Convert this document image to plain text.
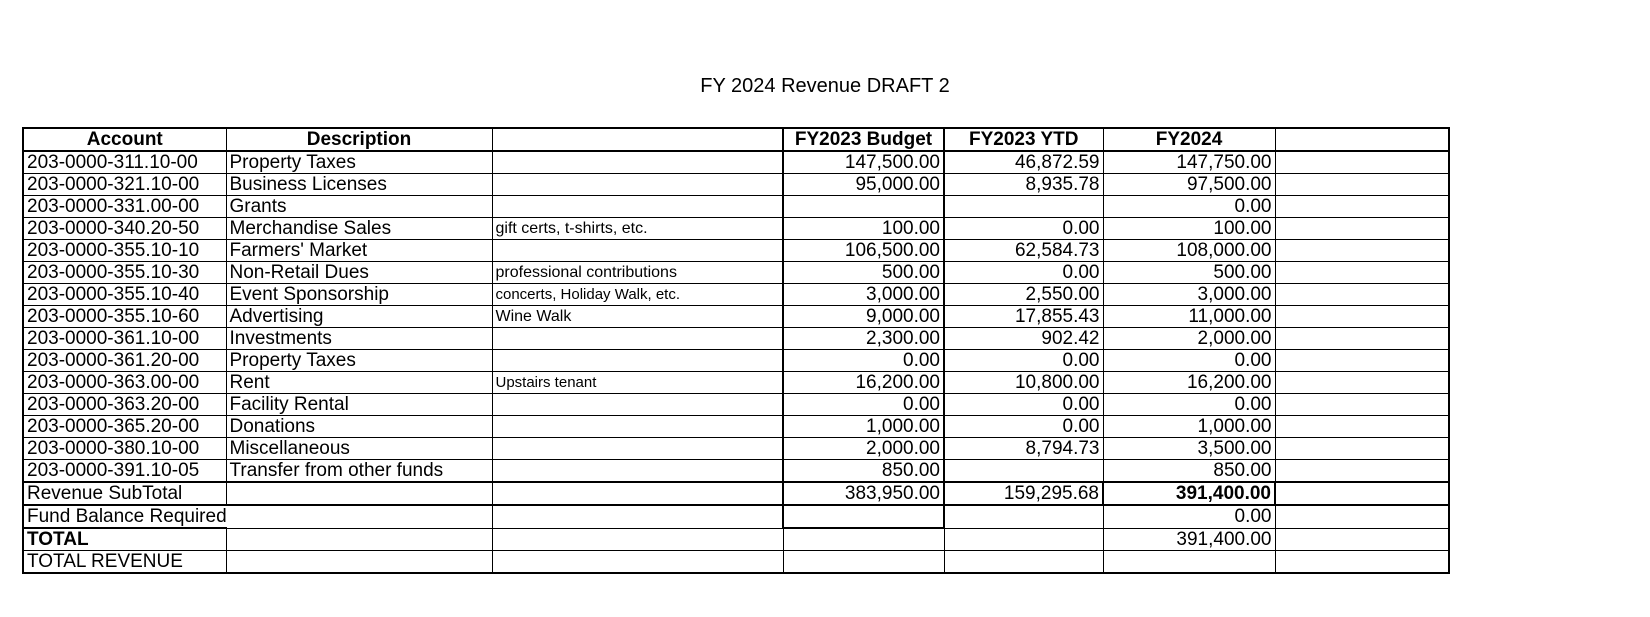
FY 2024 Revenue DRAFT 2
Account	Description		FY2023 Budget	FY2023 YTD	FY2024	
203-0000-311.10-00	Property Taxes		147,500.00	46,872.59	147,750.00	
203-0000-321.10-00	Business Licenses		95,000.00	8,935.78	97,500.00	
203-0000-331.00-00	Grants				0.00	
203-0000-340.20-50	Merchandise Sales	gift certs, t-shirts, etc.	100.00	0.00	100.00	
203-0000-355.10-10	Farmers' Market		106,500.00	62,584.73	108,000.00	
203-0000-355.10-30	Non-Retail Dues	professional contributions	500.00	0.00	500.00	
203-0000-355.10-40	Event Sponsorship	concerts, Holiday Walk, etc.	3,000.00	2,550.00	3,000.00	
203-0000-355.10-60	Advertising	Wine Walk	9,000.00	17,855.43	11,000.00	
203-0000-361.10-00	Investments		2,300.00	902.42	2,000.00	
203-0000-361.20-00	Property Taxes		0.00	0.00	0.00	
203-0000-363.00-00	Rent	Upstairs tenant	16,200.00	10,800.00	16,200.00	
203-0000-363.20-00	Facility Rental		0.00	0.00	0.00	
203-0000-365.20-00	Donations		1,000.00	0.00	1,000.00	
203-0000-380.10-00	Miscellaneous		2,000.00	8,794.73	3,500.00	
203-0000-391.10-05	Transfer from other funds		850.00		850.00	
Revenue SubTotal			383,950.00	159,295.68	391,400.00	
Fund Balance Required					0.00	
TOTAL					391,400.00	
TOTAL REVENUE						
